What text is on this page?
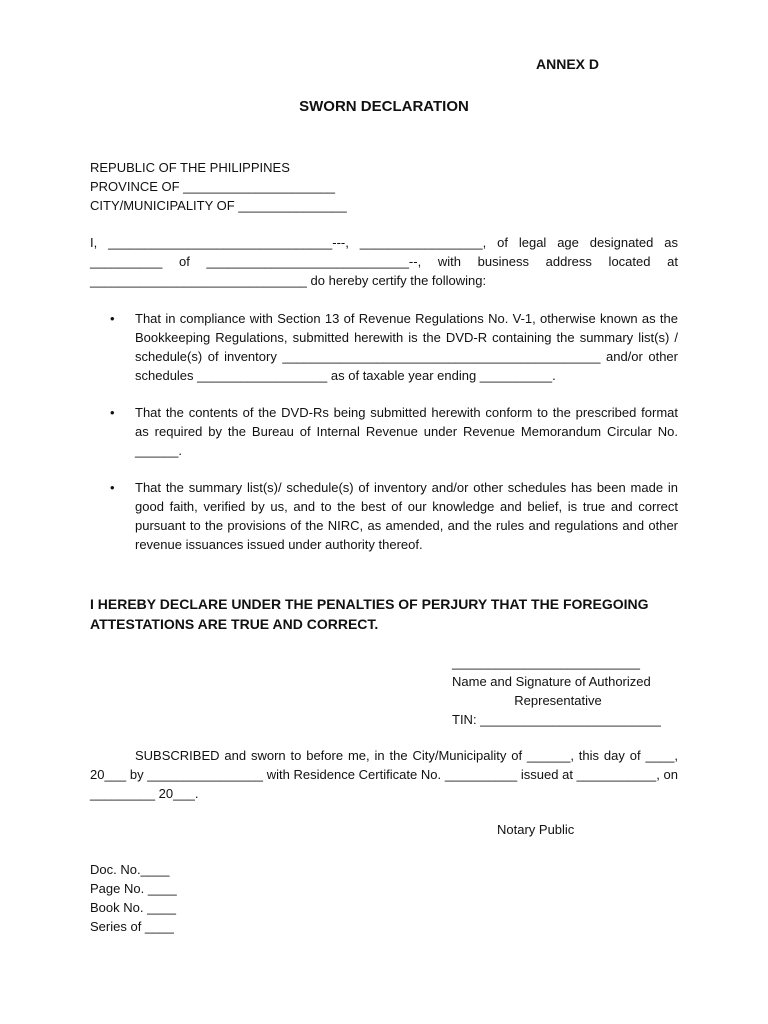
ANNEX D
SWORN DECLARATION
REPUBLIC OF THE PHILIPPINES
PROVINCE OF _____________________
CITY/MUNICIPALITY OF _______________
I, _______________________________---, _________________, of legal age designated as __________ of ____________________________--, with business address located at ______________________________ do hereby certify the following:
• That in compliance with Section 13 of Revenue Regulations No. V-1, otherwise known as the Bookkeeping Regulations, submitted herewith is the DVD-R containing the summary list(s) / schedule(s) of inventory ____________________________________________ and/or other schedules __________________ as of taxable year ending __________.
• That the contents of the DVD-Rs being submitted herewith conform to the prescribed format as required by the Bureau of Internal Revenue under Revenue Memorandum Circular No. ______.
• That the summary list(s)/ schedule(s) of inventory and/or other schedules has been made in good faith, verified by us, and to the best of our knowledge and belief, is true and correct pursuant to the provisions of the NIRC, as amended, and the rules and regulations and other revenue issuances issued under authority thereof.
I HEREBY DECLARE UNDER THE PENALTIES OF PERJURY THAT THE FOREGOING ATTESTATIONS ARE TRUE AND CORRECT.
__________________________
Name and Signature of Authorized
Representative
TIN: _________________________
SUBSCRIBED and sworn to before me, in the City/Municipality of ______, this day of ____, 20___ by ________________ with Residence Certificate No. __________ issued at ___________, on _________ 20___.
Notary Public
Doc. No.____
Page No. ____
Book No. ____
Series of ____
